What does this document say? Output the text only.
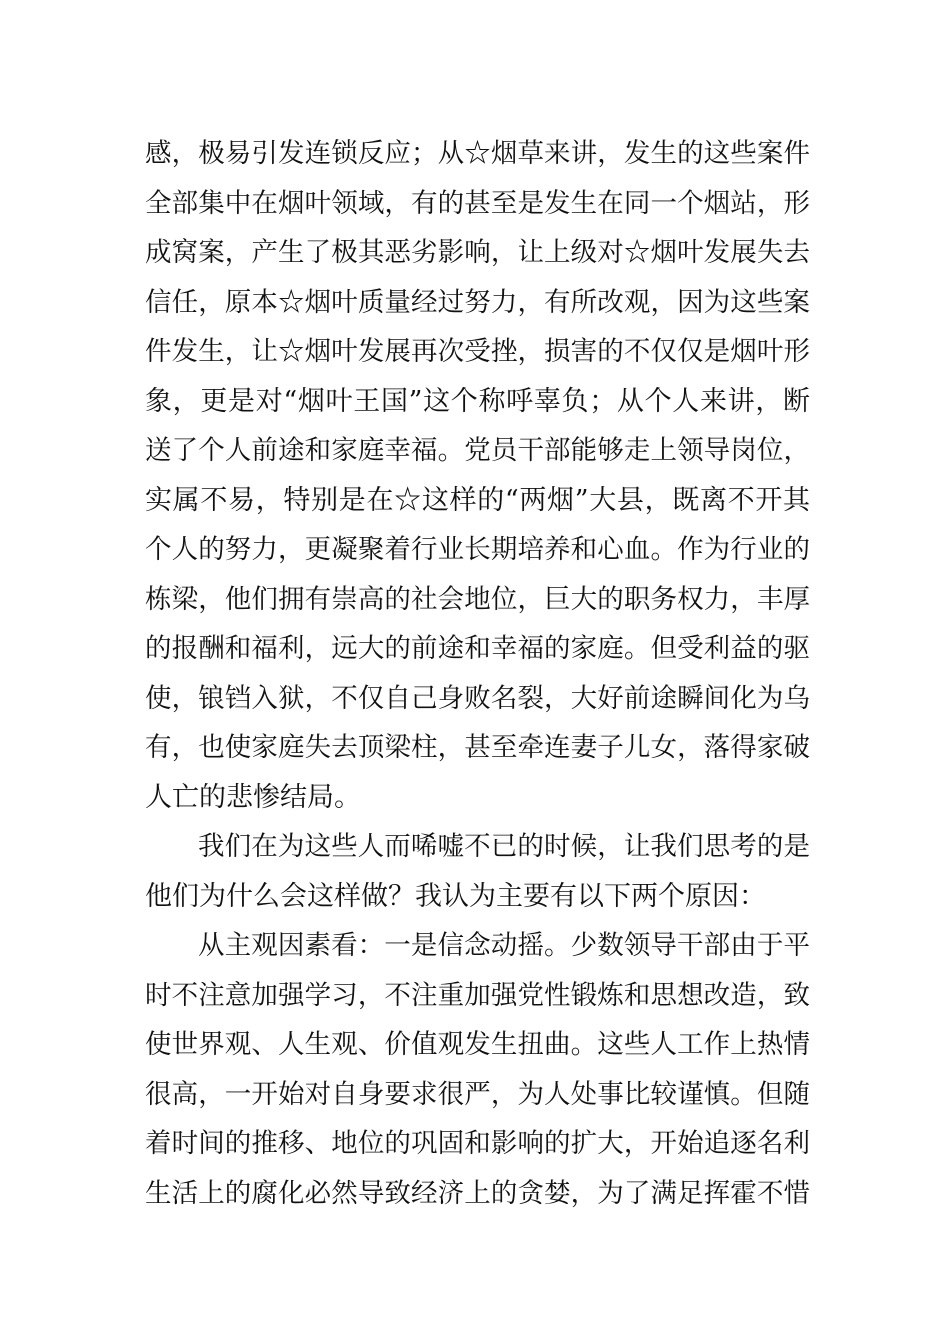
感，极易引发连锁反应；从☆烟草来讲，发生的这些案件
全部集中在烟叶领域，有的甚至是发生在同一个烟站，形
成窝案，产生了极其恶劣影响，让上级对☆烟叶发展失去
信任，原本☆烟叶质量经过努力，有所改观，因为这些案
件发生，让☆烟叶发展再次受挫，损害的不仅仅是烟叶形
象，更是对“烟叶王国”这个称呼辜负；从个人来讲，断
送了个人前途和家庭幸福。党员干部能够走上领导岗位，
实属不易，特别是在☆这样的“两烟”大县，既离不开其
个人的努力，更凝聚着行业长期培养和心血。作为行业的
栋梁，他们拥有崇高的社会地位，巨大的职务权力，丰厚
的报酬和福利，远大的前途和幸福的家庭。但受利益的驱
使，锒铛入狱，不仅自己身败名裂，大好前途瞬间化为乌
有，也使家庭失去顶梁柱，甚至牵连妻子儿女，落得家破
人亡的悲惨结局。
我们在为这些人而唏嘘不已的时候，让我们思考的是
他们为什么会这样做？我认为主要有以下两个原因：
从主观因素看：一是信念动摇。少数领导干部由于平
时不注意加强学习，不注重加强党性锻炼和思想改造，致
使世界观、人生观、价值观发生扭曲。这些人工作上热情
很高，一开始对自身要求很严，为人处事比较谨慎。但随
着时间的推移、地位的巩固和影响的扩大，开始追逐名利
生活上的腐化必然导致经济上的贪婪，为了满足挥霍不惜
